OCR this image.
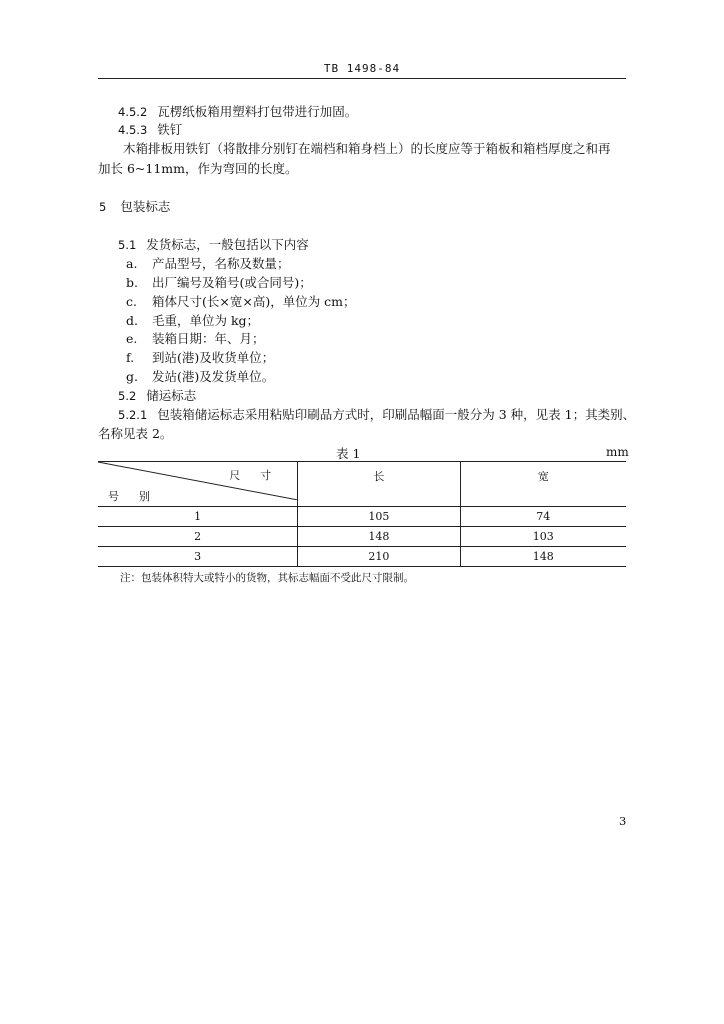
TB 1498-84
4.5.2 瓦楞纸板箱用塑料打包带进行加固。
4.5.3 铁钉
木箱排板用铁钉（将散排分别钉在端档和箱身档上）的长度应等于箱板和箱档厚度之和再
加长 6~11mm，作为弯回的长度。
5 包装标志
5.1 发货标志，一般包括以下内容
a. 产品型号，名称及数量；
b. 出厂编号及箱号(或合同号)；
c. 箱体尺寸(长×宽×高)，单位为 cm；
d. 毛重，单位为 kg；
e. 装箱日期：年、月；
f. 到站(港)及收货单位；
g. 发站(港)及发货单位。
5.2 储运标志
5.2.1 包装箱储运标志采用粘贴印刷品方式时，印刷品幅面一般分为 3 种，见表 1；其类别、
名称见表 2。
表 1	mm
尺寸
号别	长	宽
1	105	74
2	148	103
3	210	148
注：包装体积特大或特小的货物，其标志幅面不受此尺寸限制。
3
